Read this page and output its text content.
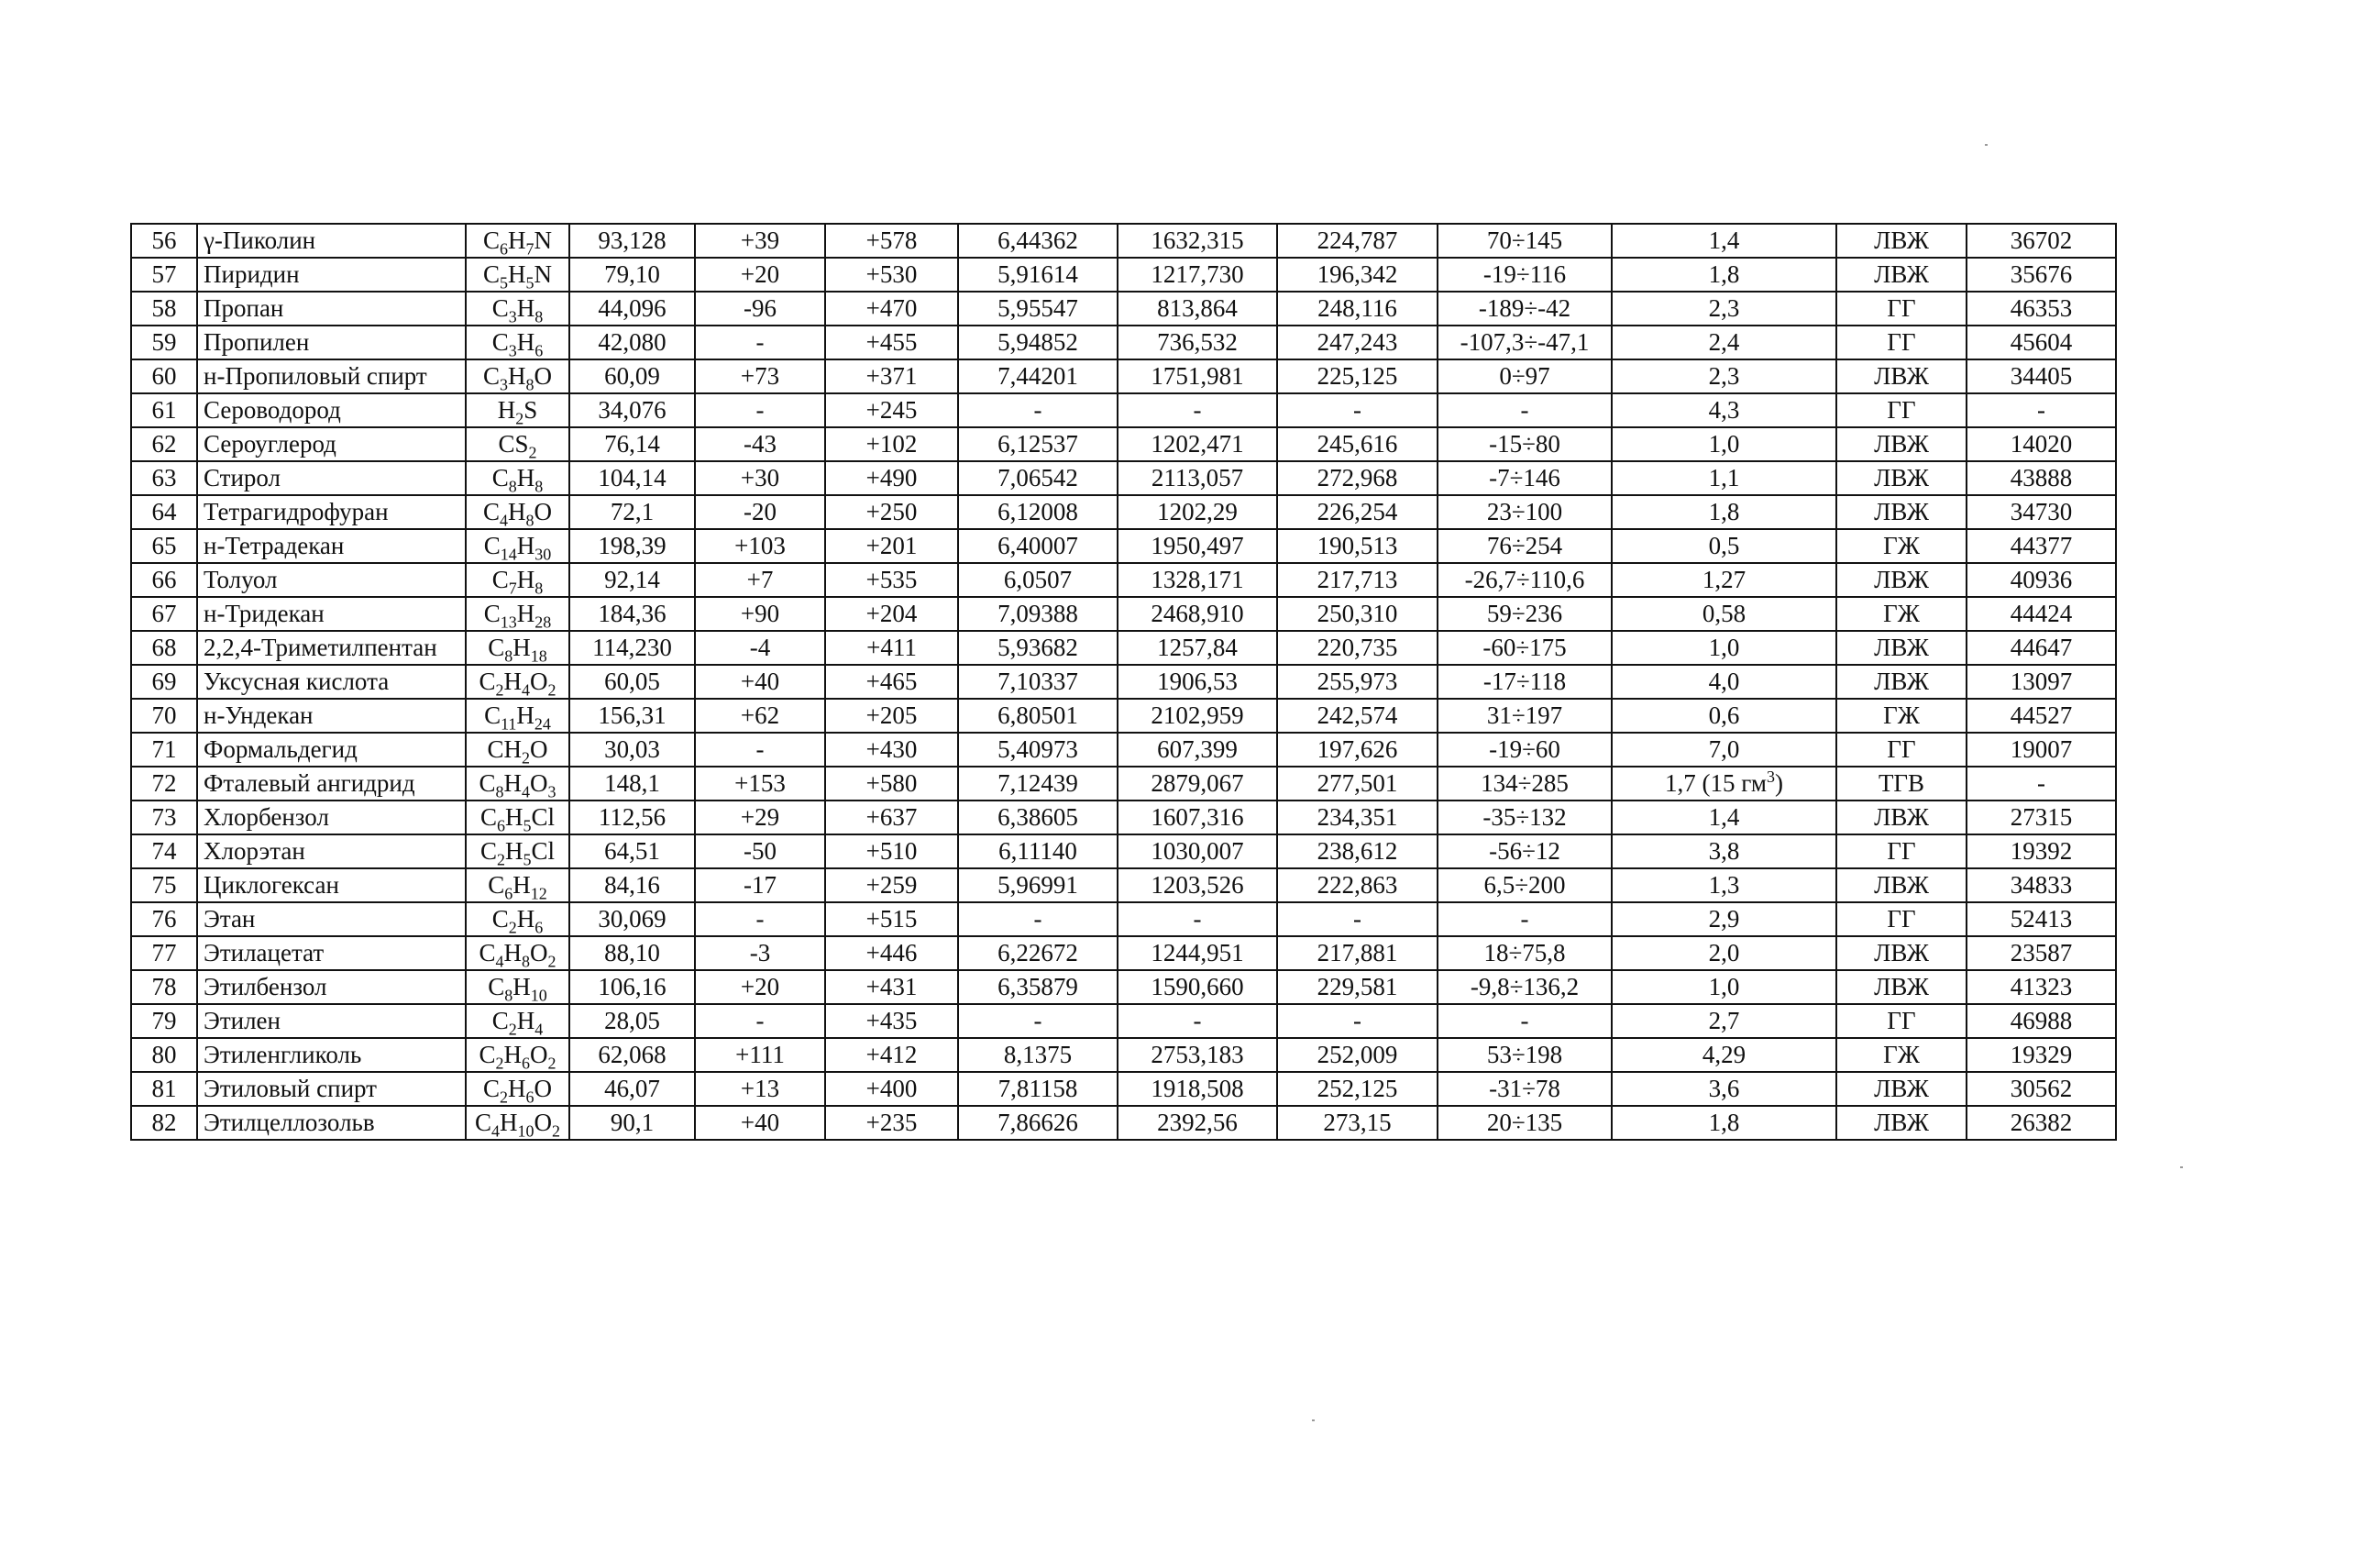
56	γ-Пиколин	$C_6H_7N$	93,128	+39	+578	6,44362	1632,315	224,787	70÷145	1,4	ЛВЖ	36702
57	Пиридин	$C_5H_5N$	79,10	+20	+530	5,91614	1217,730	196,342	-19÷116	1,8	ЛВЖ	35676
58	Пропан	$C_3H_8$	44,096	-96	+470	5,95547	813,864	248,116	-189÷-42	2,3	ГГ	46353
59	Пропилен	$C_3H_6$	42,080	-	+455	5,94852	736,532	247,243	-107,3÷-47,1	2,4	ГГ	45604
60	н-Пропиловый спирт	$C_3H_8O$	60,09	+73	+371	7,44201	1751,981	225,125	0÷97	2,3	ЛВЖ	34405
61	Сероводород	$H_2S$	34,076	-	+245	-	-	-	-	4,3	ГГ	-
62	Сероуглерод	$CS_2$	76,14	-43	+102	6,12537	1202,471	245,616	-15÷80	1,0	ЛВЖ	14020
63	Стирол	$C_8H_8$	104,14	+30	+490	7,06542	2113,057	272,968	-7÷146	1,1	ЛВЖ	43888
64	Тетрагидрофуран	$C_4H_8O$	72,1	-20	+250	6,12008	1202,29	226,254	23÷100	1,8	ЛВЖ	34730
65	н-Тетрадекан	$C_{14}H_{30}$	198,39	+103	+201	6,40007	1950,497	190,513	76÷254	0,5	ГЖ	44377
66	Толуол	$C_7H_8$	92,14	+7	+535	6,0507	1328,171	217,713	-26,7÷110,6	1,27	ЛВЖ	40936
67	н-Тридекан	$C_{13}H_{28}$	184,36	+90	+204	7,09388	2468,910	250,310	59÷236	0,58	ГЖ	44424
68	2,2,4-Триметилпентан	$C_8H_{18}$	114,230	-4	+411	5,93682	1257,84	220,735	-60÷175	1,0	ЛВЖ	44647
69	Уксусная кислота	$C_2H_4O_2$	60,05	+40	+465	7,10337	1906,53	255,973	-17÷118	4,0	ЛВЖ	13097
70	н-Ундекан	$C_{11}H_{24}$	156,31	+62	+205	6,80501	2102,959	242,574	31÷197	0,6	ГЖ	44527
71	Формальдегид	$CH_2O$	30,03	-	+430	5,40973	607,399	197,626	-19÷60	7,0	ГГ	19007
72	Фталевый ангидрид	$C_8H_4O_3$	148,1	+153	+580	7,12439	2879,067	277,501	134÷285	1,7 (15 $гм^3$)	ТГВ	-
73	Хлорбензол	$C_6H_5Cl$	112,56	+29	+637	6,38605	1607,316	234,351	-35÷132	1,4	ЛВЖ	27315
74	Хлорэтан	$C_2H_5Cl$	64,51	-50	+510	6,11140	1030,007	238,612	-56÷12	3,8	ГГ	19392
75	Циклогексан	$C_6H_{12}$	84,16	-17	+259	5,96991	1203,526	222,863	6,5÷200	1,3	ЛВЖ	34833
76	Этан	$C_2H_6$	30,069	-	+515	-	-	-	-	2,9	ГГ	52413
77	Этилацетат	$C_4H_8O_2$	88,10	-3	+446	6,22672	1244,951	217,881	18÷75,8	2,0	ЛВЖ	23587
78	Этилбензол	$C_8H_{10}$	106,16	+20	+431	6,35879	1590,660	229,581	-9,8÷136,2	1,0	ЛВЖ	41323
79	Этилен	$C_2H_4$	28,05	-	+435	-	-	-	-	2,7	ГГ	46988
80	Этиленгликоль	$C_2H_6O_2$	62,068	+111	+412	8,1375	2753,183	252,009	53÷198	4,29	ГЖ	19329
81	Этиловый спирт	$C_2H_6O$	46,07	+13	+400	7,81158	1918,508	252,125	-31÷78	3,6	ЛВЖ	30562
82	Этилцеллозольв	$C_4H_{10}O_2$	90,1	+40	+235	7,86626	2392,56	273,15	20÷135	1,8	ЛВЖ	26382
